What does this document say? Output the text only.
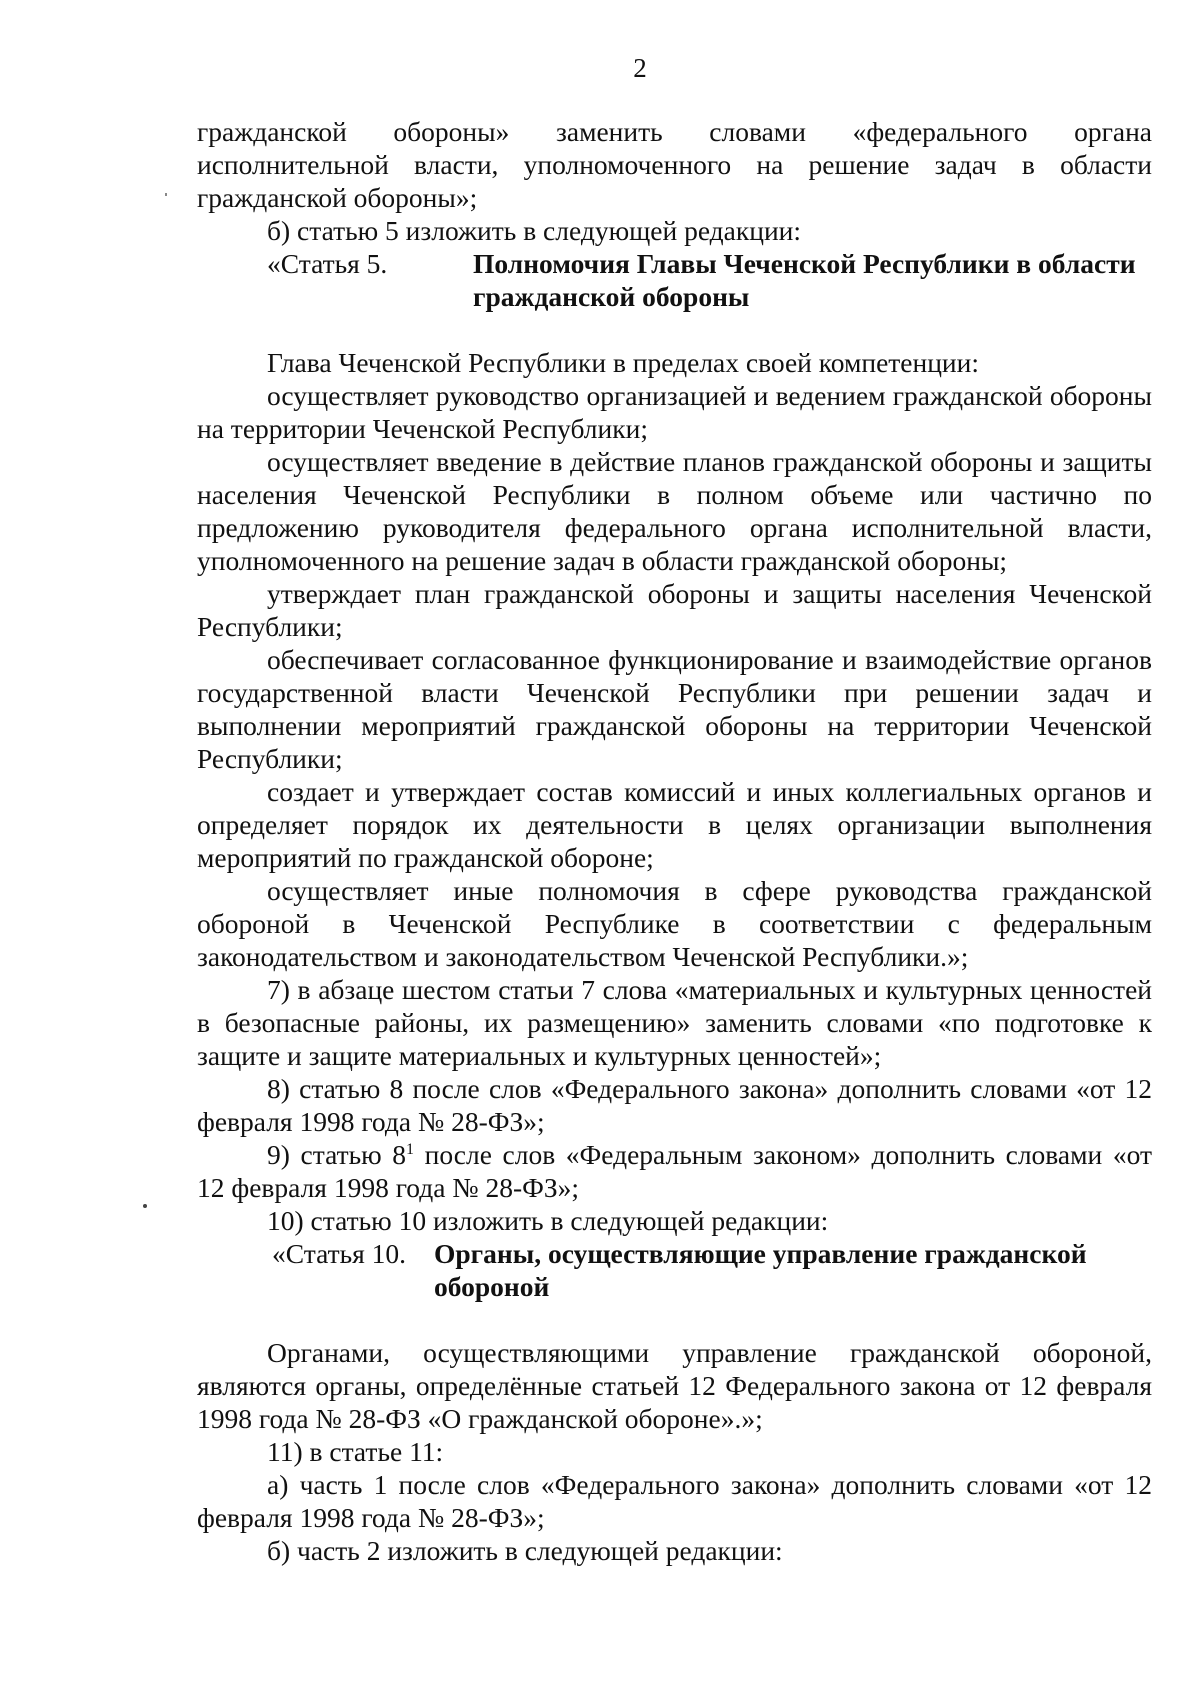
2

гражданской обороны» заменить словами «федерального органа

исполнительной власти, уполномоченного на решение задач в области

гражданской обороны»;

б) статью 5 изложить в следующей редакции:

«Статья 5.	Полномочия Главы Чеченской Республики в области гражданской обороны

Глава Чеченской Республики в пределах своей компетенции:

осуществляет руководство организацией и ведением гражданской обороны на территории Чеченской Республики;

осуществляет введение в действие планов гражданской обороны и защиты населения Чеченской Республики в полном объеме или частично по предложению руководителя федерального органа исполнительной власти, уполномоченного на решение задач в области гражданской обороны;

утверждает план гражданской обороны и защиты населения Чеченской Республики;

обеспечивает согласованное функционирование и взаимодействие органов государственной власти Чеченской Республики при решении задач и выполнении мероприятий гражданской обороны на территории Чеченской Республики;

создает и утверждает состав комиссий и иных коллегиальных органов и определяет порядок их деятельности в целях организации выполнения мероприятий по гражданской обороне;

осуществляет иные полномочия в сфере руководства гражданской обороной в Чеченской Республике в соответствии с федеральным законодательством и законодательством Чеченской Республики.»;

7) в абзаце шестом статьи 7 слова «материальных и культурных ценностей в безопасные районы, их размещению» заменить словами «по подготовке к защите и защите материальных и культурных ценностей»;

8) статью 8 после слов «Федерального закона» дополнить словами «от 12 февраля 1998 года № 28-ФЗ»;

9) статью $8^1$ после слов «Федеральным законом» дополнить словами «от 12 февраля 1998 года № 28-ФЗ»;

10) статью 10 изложить в следующей редакции:

«Статья 10. Органы, осуществляющие управление гражданской обороной

Органами, осуществляющими управление гражданской обороной, являются органы, определённые статьей 12 Федерального закона от 12 февраля 1998 года № 28-ФЗ «О гражданской обороне».»;

11) в статье 11:

а) часть 1 после слов «Федерального закона» дополнить словами «от 12 февраля 1998 года № 28-ФЗ»;

б) часть 2 изложить в следующей редакции:
